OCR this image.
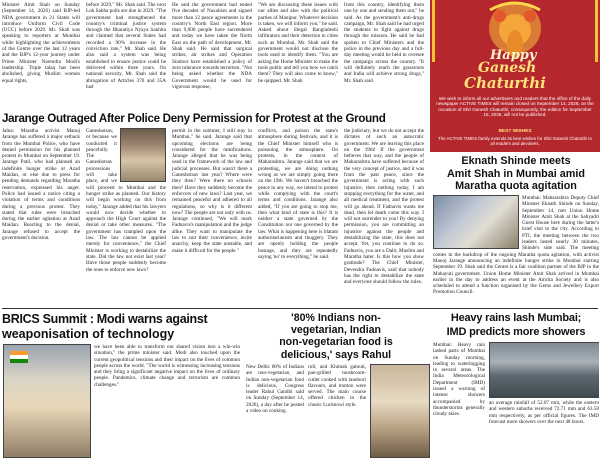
Minister Amit Shah on Sunday (September 14, 2026) said BJP-led NDA government in 21 States will introduce Uniform Civil Code (UCC) before 2029. Mr. Shah was speaking to reporters at Mumbai while highlighting the achievements of the Centre over the last 12 years and the BJP's 12-year journey under Prime Minister Narendra Modi's leadership. Triple talaq has been abolished, giving Muslim women equal rights,
before 2029," Mr. Shah said. The next Lok Sabha polls are due in 2029. "The government had strengthened the country's criminal justice system through the Bharatiya Nyaya Sanhita and claimed that several States had recorded a 90% increase in the conviction rate," Mr. Shah said. He also said a system was being established to ensure justice could be delivered within three years. On national security, Mr. Shah said the abrogation of Articles 370 and 35A had
He said the government had ended five decades of Naxalism and signed more than 12 peace agreements in the country's North East region. More than 9,000 people have surrendered and today we have taken the North East on the path of development, Mr. Shah said. He said that surgical strikes, air strikes and Operation Sindoor have established a policy of zero tolerance towards terrorism. "Not being asked whether the NDA Government would be used for vigorous response,
"We are discussing these issues with our allies and also with the political parties of Manipur. Whatever decision is taken, we will inform you," he said. Asked about illegal Bangladeshi infiltrators and their detection in cities such as Mumbai, Mr. Shah said the government would not disclose the tools used to identify them. "You are asking the Home Minister to make the tools public and tell you how we catch them? They will also come to know," he quipped. Mr. Shah
from this country, identifying them one by one and sending them out," he said. As the government's anti-drugs campaign, Mr. Shah said he had urged the students to fight against drugs through the mission. He said he had spoken to Chief Ministers and the police in the previous day and a full-day meeting would be held to oversee the campaign across the country. "It will definitely reach the grassroots and India will achieve strong drugs," Mr. Shah said.
Happy
Ganesh
Chaturthi
We wish to inform all our advertisers and readers that the office of the daily newspaper ACTIVE TIMES will remain closed on September 14, 2026, on the occasion of Shri Ganesh Chaturthi; consequently, the edition for September 15, 2026, will not be published.
BEST WISHES
The ACTIVE TIMES family extends its best wishes for Shri Ganesh Chaturthi to all readers and devotees.
Jarange Outraged After Police Deny Permission for Protest at the Ground
Jalna: Maratha activist Manoj Jarange has suffered a major setback from the Mumbai Police, who have denied permission for his planned protest in Mumbai on September 19. Jarange Patil, who had planned an indefinite hunger strike at Azad Maidan, or else due to press for pending demands regarding Maratha reservation, expressed his anger. Police had issued a notice citing a violation of terms and conditions during a previous protest. They stated that rules were breached during the earlier agitation at Azad Maidan. Reacting to the denial, Jarange refused to accept the government's decision.
Ganeshotsav, or because we conducted it peacefully. The Ganeshotsav processions will take place, and we will proceed to Mumbai and the hunger strike as planned. Our history will begin working on this from today," Jarange added that his lawyers would now decide whether to approach the High Court against the denial or take other measures. "The government has trampled upon the law. The law cannot be applied merely for convenience," the Chief Minister is working to destabilize the state. Did the law not exist last year? Have those people suddenly become the ones to enforce new laws?
permit in the summer, I still stay in Mumbai," he said. Jarange said that upcoming elections are being considered for the ramifications. Jarange alleged that he was being used in the framework of the law and judicial processes. But wasn't there a Ganeshotsav last year? Where were they then? Were there no schools then? Have they suddenly become the enforcers of new laws? Last year, we remained peaceful and adhered to all regulations, so why is it different now? The people are not only with us. Jarange continued, "We will mark Fadnavis's manipulation and the judge alike. They want to manipulate the law to suit their convenience, incite anarchy, keep the state unstable, and make it difficult for the people."
conflicts, and poison the state's atmosphere during festivals, and it is the Chief Minister himself who is poisoning the atmosphere. On protests, in the context of Maharashtra, Jarange said that we are protesting, we are doing nothing wrong as we are simply going there on the 19th. We haven't breached the peace in any way, we intend to protest while complying with the court's terms and conditions. Jarange also added, "If you are going to stop me, then what kind of state is this? It is neither a state governed by the Constitution nor one governed by the law. What is happening here is blatant authoritarianism and thuggery. They are openly holding the people hostage, and they are repeatedly saying 'no' to everything," he said.
the judiciary, but we do not accept the dictates of such an autocratic government. We are leaving this place on the 19th! If the government believes that way, and the people of Maharashtra have suffered because of the very concept of justice, and it was from the past peace, since the government is acting with such injustice, then nothing today, I am stopping everything for the water, and all medical treatment, and the protest will go ahead. If Fadnavis wants me dead, then let death come this way. I will not surrender to you! By denying permission, you are committing an injustice against the people and destabilizing the state, this does not accept. Yet, you continue to do so. Fadnavis, you are a Dalit, Muslim and Maratha hater. Is this how you show gratitude? The Chief Minister, Devendra Fadnavis, said that nobody has the right to destabilize the state and everyone should follow the rules.
Eknath Shinde meets
Amit Shah in Mumbai amid
Maratha quota agitation
Mumbai: Maharashtra Deputy Chief Minister Eknath Shinde on Sunday, September 14, met Union Home Minister Amit Shah at the Sahyadri Guest House here during the latter's brief visit to the city. According to PTI, the meeting between the two leaders lasted nearly 30 minutes, Shinde's side said. The meeting comes in the backdrop of the ongoing Maratha quota agitation, with activist Manoj Jarange announcing an indefinite hunger strike in Mumbai starting September 19. Shah said the Centre is a fair coalition partner of the BJP in the Mahayuti government. Union Home Minister Amit Shah arrived in Mumbai earlier in the day to address an event at the Amrita Society and is also scheduled to attend a function organised by the Gems and Jewellery Export Promotion Council.
BRICS Summit : Modi warns against
weaponisation of technology
we have been able to transform our shared vision into a win-win situation," the prime minister said. Modi also touched upon the current geopolitical tensions and their impact on the lives of common people across the world. "The world is witnessing increasing tensions and they bring a significant negative impact on the lives of ordinary people. Pandemics, climate change and terrorism are common challenges."
'80% Indians non-
vegetarian, Indian
non-vegetarian food is
delicious,' says Rahul
New Delhi: 80% of Indians are non-vegetarian, and Indian non-vegetarian food is delicious, Congress leader Rahul Gandhi said on Sunday (September 14, 2026), a day after he posted a video on cooking.
roll, and Khimah galouti, pan-grilled mushroom-cutlet cooked with tandoori flavours, and mutton were served. The main course offered chicken in the classic Lucknowi style.
Heavy rains lash Mumbai;
IMD predicts more showers
Mumbai: Heavy rain lashed parts of Mumbai on Sunday morning, leading to waterlogging in several areas. The India Meteorological Department (IMD) issued a warning of intense showers accompanied by thunderstorms generally cloudy skies.
an average rainfall of 52.07 mm, while the eastern and western suburbs received 72.71 mm and 63.58 mm respectively, as per official figures. The IMD forecast more showers over the next 48 hours.
